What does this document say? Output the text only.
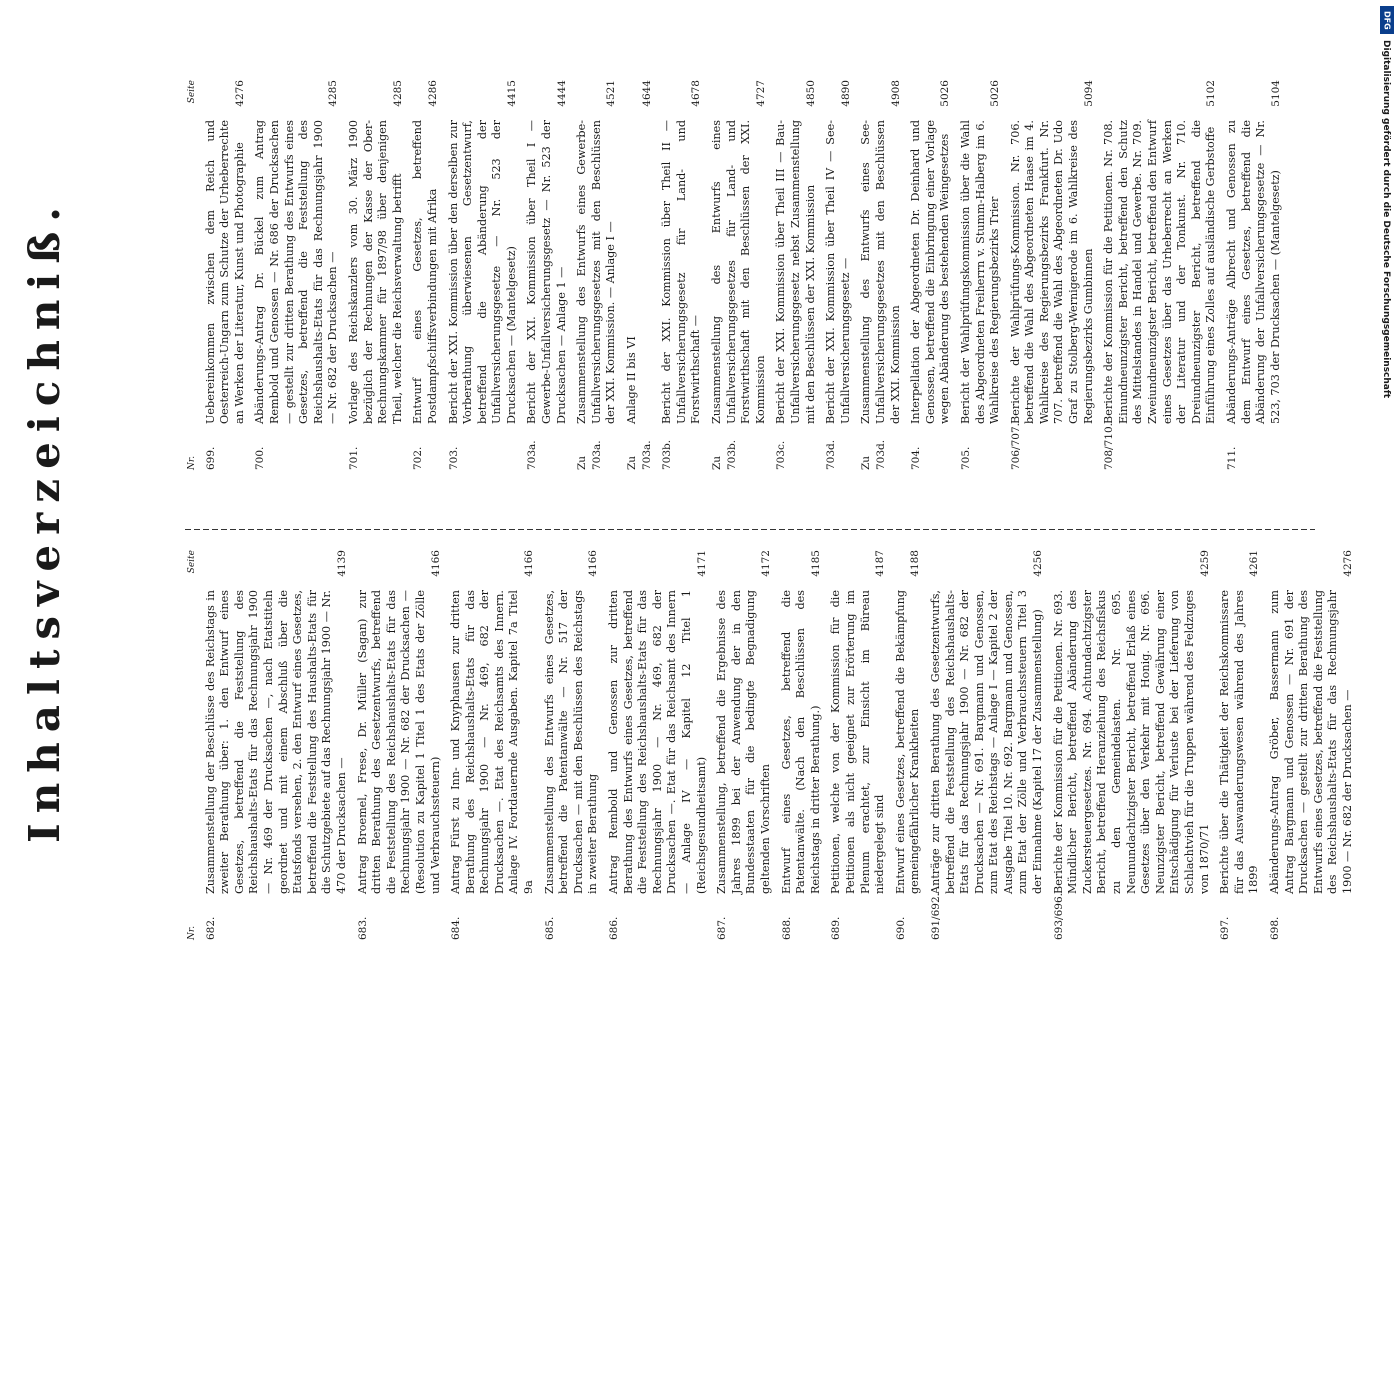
Inhaltsverzeichniß.
Nr.
Seite
682.
Zusammenstellung der Beschlüsse des Reichstags in zweiter Berathung über: 1. den Entwurf eines Gesetzes, betreffend die Feststellung des Reichshaushalts-Etats für das Rechnungsjahr 1900 — Nr. 469 der Drucksachen —, nach Etatstiteln geordnet und mit einem Abschluß über die Etatsfonds versehen, 2. den Entwurf eines Gesetzes, betreffend die Feststellung des Haushalts-Etats für die Schutzgebiete auf das Rechnungsjahr 1900 — Nr. 470 der Drucksachen —
4139
683.
Antrag Broemel, Frese, Dr. Müller (Sagan) zur dritten Berathung des Gesetzentwurfs, betreffend die Feststellung des Reichshaushalts-Etats für das Rechnungsjahr 1900 — Nr. 682 der Drucksachen — (Resolution zu Kapitel 1 Titel 1 des Etats der Zölle und Verbrauchssteuern)
4166
684.
Antrag Fürst zu Inn- und Knyphausen zur dritten Berathung des Reichshaushalts-Etats für das Rechnungsjahr 1900 — Nr. 469, 682 der Drucksachen —. Etat des Reichsamts des Innern. Anlage IV. Fortdauernde Ausgaben. Kapitel 7a Titel 9a
4166
685.
Zusammenstellung des Entwurfs eines Gesetzes, betreffend die Patentanwälte — Nr. 517 der Drucksachen — mit den Beschlüssen des Reichstags in zweiter Berathung
4166
686.
Antrag Rembold und Genossen zur dritten Berathung des Entwurfs eines Gesetzes, betreffend die Feststellung des Reichshaushalts-Etats für das Rechnungsjahr 1900 — Nr. 469, 682 der Drucksachen —. Etat für das Reichsamt des Innern — Anlage IV — Kapitel 12 Titel 1 (Reichsgesundheitsamt)
4171
687.
Zusammenstellung, betreffend die Ergebnisse des Jahres 1899 bei der Anwendung der in den Bundesstaaten für die bedingte Begnadigung geltenden Vorschriften
4172
688.
Entwurf eines Gesetzes, betreffend die Patentanwälte. (Nach den Beschlüssen des Reichstags in dritter Berathung.)
4185
689.
Petitionen, welche von der Kommission für die Petitionen als nicht geeignet zur Erörterung im Plenum erachtet, zur Einsicht im Büreau niedergelegt sind
4187
690.
Entwurf eines Gesetzes, betreffend die Bekämpfung gemeingefährlicher Krankheiten
4188
691/692.
Anträge zur dritten Berathung des Gesetzentwurfs, betreffend die Feststellung des Reichshaushalts-Etats für das Rechnungsjahr 1900 — Nr. 682 der Drucksachen — Nr. 691. Bargmann und Genossen, zum Etat des Reichstags — Anlage I — Kapitel 2 der Ausgabe Titel 10. Nr. 692. Bargmann und Genossen, zum Etat der Zölle und Verbrauchssteuern Titel 3 der Einnahme (Kapitel 17 der Zusammenstellung)
4256
693/696.
Berichte der Kommission für die Petitionen. Nr. 693. Mündlicher Bericht, betreffend Abänderung des Zuckersteuergesetzes. Nr. 694. Achtundachtzigster Bericht, betreffend Heranziehung des Reichsfiskus zu den Gemeindelasten. Nr. 695. Neunundachtzigster Bericht, betreffend Erlaß eines Gesetzes über den Verkehr mit Honig. Nr. 696. Neunzigster Bericht, betreffend Gewährung einer Entschädigung für Verluste bei der Lieferung von Schlachtvieh für die Truppen während des Feldzuges von 1870/71
4259
697.
Berichte über die Thätigkeit der Reichskommissare für das Auswanderungswesen während des Jahres 1899
4261
698.
Abänderungs-Antrag Gröber, Bassermann zum Antrag Bargmann und Genossen — Nr. 691 der Drucksachen — gestellt zur dritten Berathung des Entwurfs eines Gesetzes, betreffend die Feststellung des Reichshaushalts-Etats für das Rechnungsjahr 1900 — Nr. 682 der Drucksachen —
4276
Nr.
Seite
699.
Uebereinkommen zwischen dem Reich und Oesterreich-Ungarn zum Schutze der Urheberrechte an Werken der Literatur, Kunst und Photographie
4276
700.
Abänderungs-Antrag Dr. Bückel zum Antrag Rembold und Genossen — Nr. 686 der Drucksachen — gestellt zur dritten Berathung des Entwurfs eines Gesetzes, betreffend die Feststellung des Reichshaushalts-Etats für das Rechnungsjahr 1900 — Nr. 682 der Drucksachen —
4285
701.
Vorlage des Reichskanzlers vom 30. März 1900 bezüglich der Rechnungen der Kasse der Ober-Rechnungskammer für 1897/98 über denjenigen Theil, welcher die Reichsverwaltung betrifft
4285
702.
Entwurf eines Gesetzes, betreffend Postdampfschiffsverbindungen mit Afrika
4286
703.
Bericht der XXI. Kommission über den derselben zur Vorberathung überwiesenen Gesetzentwurf, betreffend die Abänderung der Unfallversicherungsgesetze — Nr. 523 der Drucksachen — (Mantelgesetz)
4415
703a.
Bericht der XXI. Kommission über Theil I — Gewerbe-Unfallversicherungsgesetz — Nr. 523 der Drucksachen — Anlage 1 —
4444
Zu 703a.
Zusammenstellung des Entwurfs eines Gewerbe-Unfallversicherungsgesetzes mit den Beschlüssen der XXI. Kommission. — Anlage I —
4521
Zu 703a.
Anlage II bis VI
4644
703b.
Bericht der XXI. Kommission über Theil II — Unfallversicherungsgesetz für Land- und Forstwirthschaft —
4678
Zu 703b.
Zusammenstellung des Entwurfs eines Unfallversicherungsgesetzes für Land- und Forstwirthschaft mit den Beschlüssen der XXI. Kommission
4727
703c.
Bericht der XXI. Kommission über Theil III — Bau-Unfallversicherungsgesetz nebst Zusammenstellung mit den Beschlüssen der XXI. Kommission
4850
703d.
Bericht der XXI. Kommission über Theil IV — See-Unfallversicherungsgesetz —
4890
Zu 703d.
Zusammenstellung des Entwurfs eines See-Unfallversicherungsgesetzes mit den Beschlüssen der XXI. Kommission
4908
704.
Interpellation der Abgeordneten Dr. Deinhard und Genossen, betreffend die Einbringung einer Vorlage wegen Abänderung des bestehenden Weingesetzes
5026
705.
Bericht der Wahlprüfungskommission über die Wahl des Abgeordneten Freiherrn v. Stumm-Halberg im 6. Wahlkreise des Regierungsbezirks Trier
5026
706/707.
Berichte der Wahlprüfungs-Kommission. Nr. 706. betreffend die Wahl des Abgeordneten Haase im 4. Wahlkreise des Regierungsbezirks Frankfurt. Nr. 707. betreffend die Wahl des Abgeordneten Dr. Udo Graf zu Stolberg-Wernigerode im 6. Wahlkreise des Regierungsbezirks Gumbinnen
5094
708/710.
Berichte der Kommission für die Petitionen. Nr. 708. Einundneunzigster Bericht, betreffend den Schutz des Mittelstandes in Handel und Gewerbe. Nr. 709. Zweiundneunzigster Bericht, betreffend den Entwurf eines Gesetzes über das Urheberrecht an Werken der Literatur und der Tonkunst. Nr. 710. Dreiundneunzigster Bericht, betreffend die Einführung eines Zolles auf ausländische Gerbstoffe
5102
711.
Abänderungs-Anträge Albrecht und Genossen zu dem Entwurf eines Gesetzes, betreffend die Abänderung der Unfallversicherungsgesetze — Nr. 523, 703 der Drucksachen — (Mantelgesetz)
5104
DFG
Digitalisierung gefördert durch die Deutsche Forschungsgemeinschaft
